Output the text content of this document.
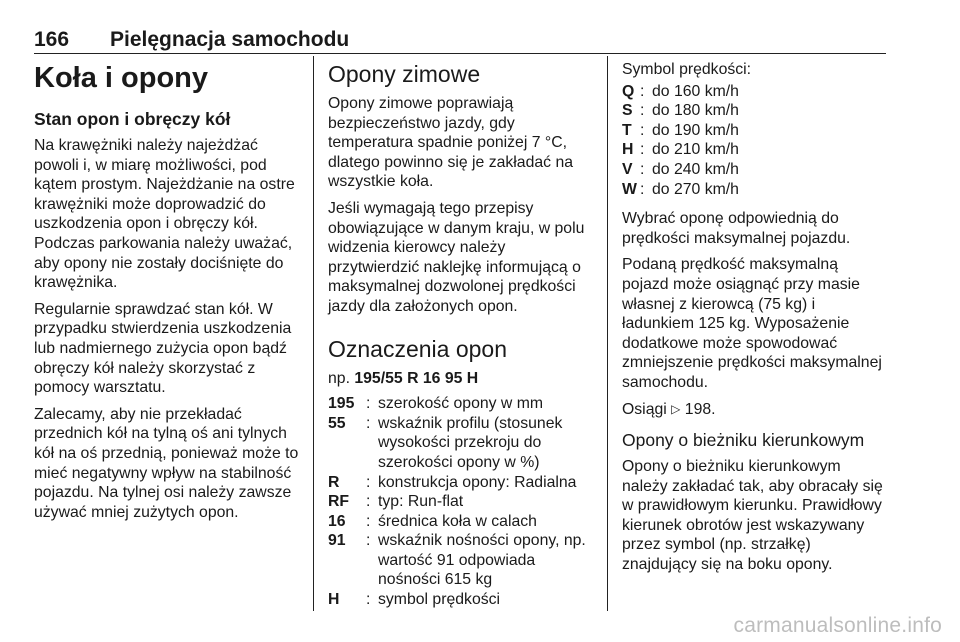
166 Pielęgnacja samochodu
Koła i opony
Stan opon i obręczy kół

Na krawężniki należy najeżdżać powoli i, w miarę możliwości, pod kątem prostym. Najeżdżanie na ostre krawężniki może doprowadzić do uszkodzenia opon i obręczy kół. Podczas parkowania należy uważać, aby opony nie zostały dociśnięte do krawężnika.

Regularnie sprawdzać stan kół. W przypadku stwierdzenia uszkodzenia lub nadmiernego zużycia opon bądź obręczy kół należy skorzystać z pomocy warsztatu.

Zalecamy, aby nie przekładać przednich kół na tylną oś ani tylnych kół na oś przednią, ponieważ może to mieć negatywny wpływ na stabilność pojazdu. Na tylnej osi należy zawsze używać mniej zużytych opon.

Opony zimowe

Opony zimowe poprawiają bezpieczeństwo jazdy, gdy temperatura spadnie poniżej 7 °C, dlatego powinno się je zakładać na wszystkie koła.

Jeśli wymagają tego przepisy obowiązujące w danym kraju, w polu widzenia kierowcy należy przytwierdzić naklejkę informującą o maksymalnej dozwolonej prędkości jazdy dla założonych opon.

Oznaczenia opon
np. 195/55 R 16 95 H
195 : szerokość opony w mm
55	: wskaźnik profilu (stosunek wysokości przekroju do szerokości opony w %)
R	: konstrukcja opony: Radialna
RF	: typ: Run-flat
16	: średnica koła w calach
91	: wskaźnik nośności opony, np. wartość 91 odpowiada nośności 615 kg
H	: symbol prędkości

Symbol prędkości:

Q : do 160 km/h
S : do 180 km/h
T : do 190 km/h
H : do 210 km/h
V : do 240 km/h
W : do 270 km/h

Wybrać oponę odpowiednią do prędkości maksymalnej pojazdu.

Podaną prędkość maksymalną pojazd może osiągnąć przy masie własnej z kierowcą (75 kg) i ładunkiem 125 kg. Wyposażenie dodatkowe może spowodować zmniejszenie prędkości maksymalnej samochodu.

Osiągi ▷ 198.

Opony o bieżniku kierunkowym

Opony o bieżniku kierunkowym należy zakładać tak, aby obracały się w prawidłowym kierunku. Prawidłowy kierunek obrotów jest wskazywany przez symbol (np. strzałkę) znajdujący się na boku opony.

carmanualsonline.info
